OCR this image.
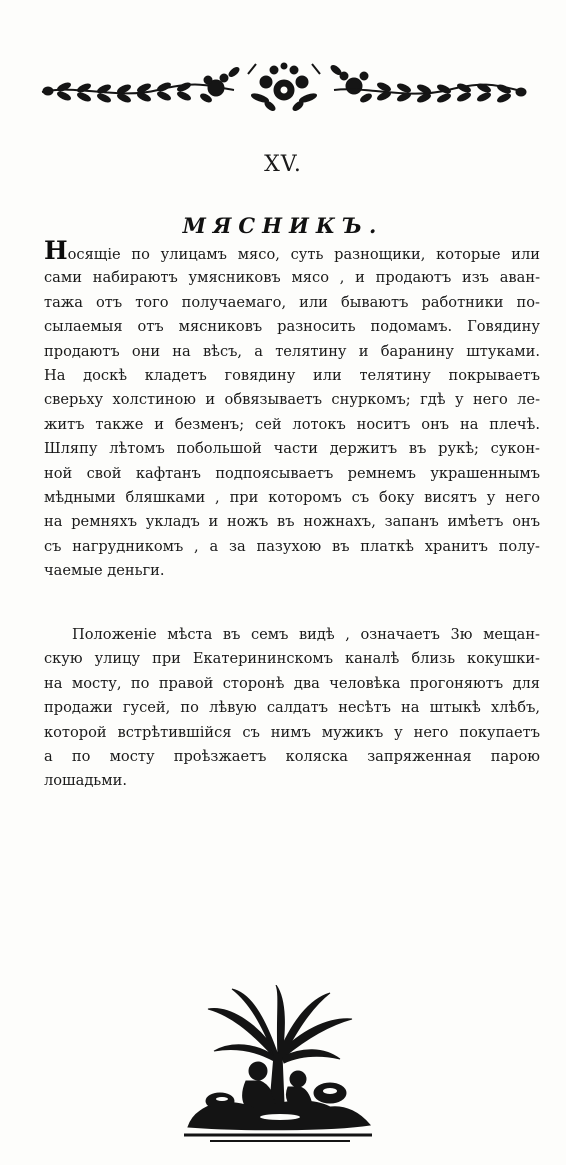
XV.
МЯСНИКЪ.
Носящіе по улицамъ мясо, суть разнощики, которые или
сами набираютъ умясниковъ мясо , и продаютъ изъ аван-
тажа отъ того получаемаго, или бываютъ работники по-
сылаемыя отъ мясниковъ разносить подомамъ. Говядину
продаютъ они на вѣсъ, а телятину и баранину штуками.
На доскѣ кладетъ говядину или телятину покрываетъ
сверьху холстиною и обвязываетъ снуркомъ; гдѣ у него ле-
житъ также и безменъ; сей лотокъ носитъ онъ на плечѣ.
Шляпу лѣтомъ побольшой части держитъ въ рукѣ; сукон-
ной свой кафтанъ подпоясываетъ ремнемъ украшеннымъ
мѣдными бляшками , при которомъ съ боку висятъ у него
на ремняхъ укладъ и ножъ въ ножнахъ, запанъ имѣетъ онъ
съ нагрудникомъ , а за пазухою въ платкѣ хранитъ полу-
чаемые деньги.
Положеніе мѣста въ семъ видѣ , означаетъ 3ю мещан-
скую улицу при Екатерининскомъ каналѣ близь кокушки-
на мосту, по правой сторонѣ два человѣка прогоняютъ для
продажи гусей, по лѣвую салдатъ несѣтъ на штыкѣ хлѣбъ,
которой встрѣтившійся съ нимъ мужикъ у него покупаетъ
а по мосту проѣзжаетъ коляска запряженная парою
лошадьми.
